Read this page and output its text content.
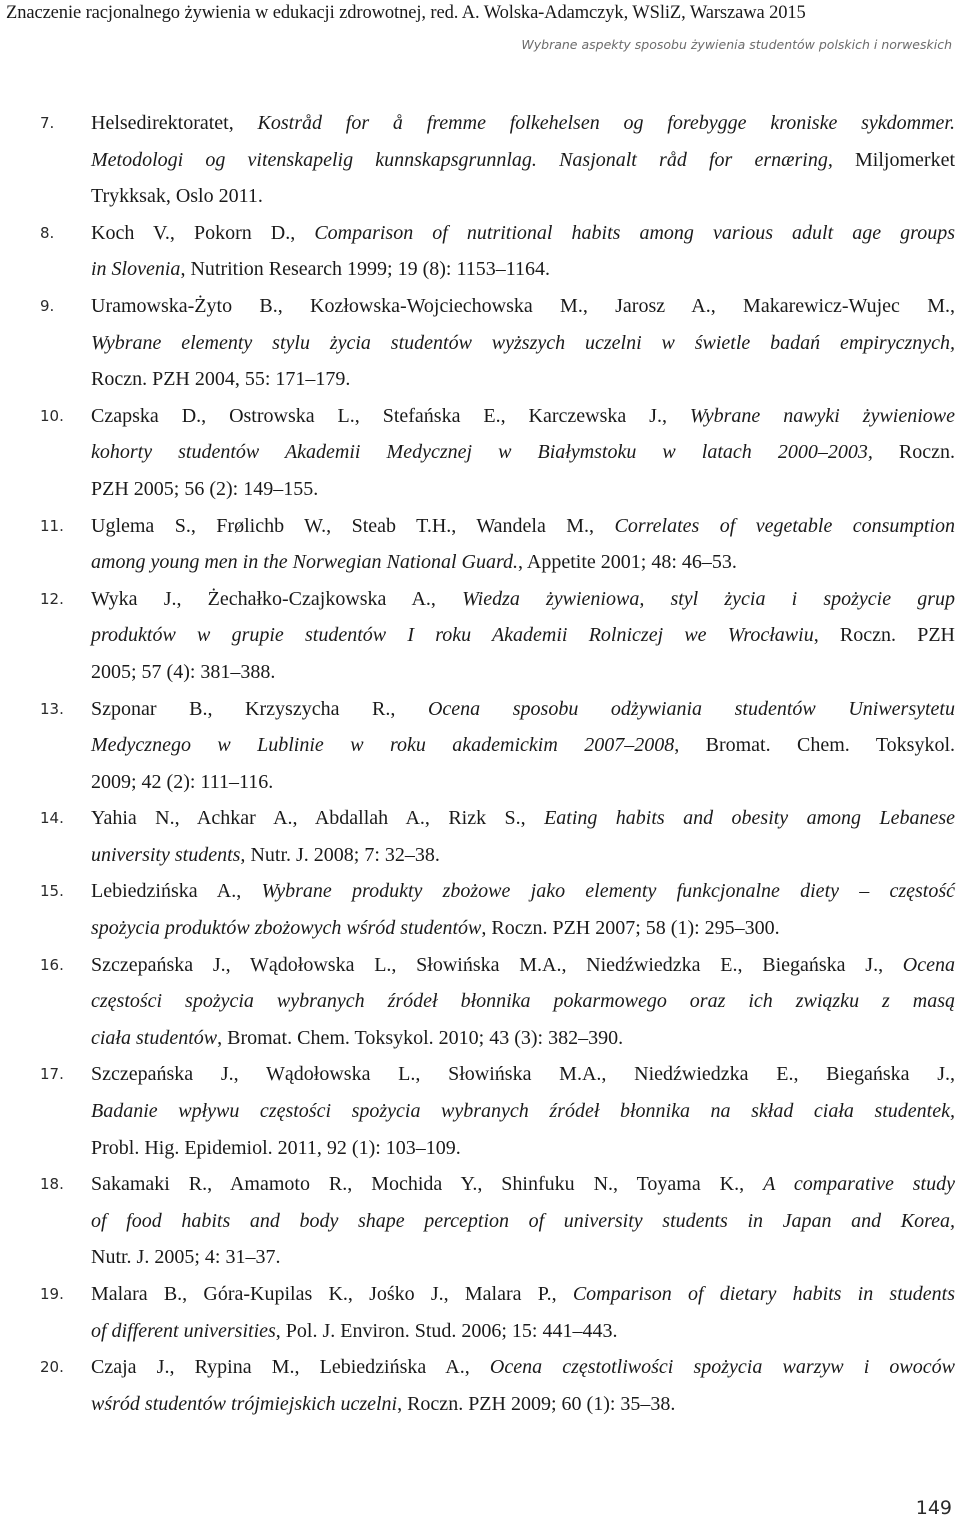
Znaczenie racjonalnego żywienia w edukacji zdrowotnej, red. A. Wolska-Adamczyk, WSliZ, Warszawa 2015

Wybrane aspekty sposobu żywienia studentów polskich i norweskich

7. Helsedirektoratet, Kostråd for å fremme folkehelsen og forebygge kroniske sykdommer.
Metodologi og vitenskapelig kunnskapsgrunnlag. Nasjonalt råd for ernæring, Miljomerket
Trykksak, Oslo 2011.
8. Koch V., Pokorn D., Comparison of nutritional habits among various adult age groups
in Slovenia, Nutrition Research 1999; 19 (8): 1153–1164.
9. Uramowska-Żyto B., Kozłowska-Wojciechowska M., Jarosz A., Makarewicz-Wujec M.,
Wybrane elementy stylu życia studentów wyższych uczelni w świetle badań empirycznych,
Roczn. PZH 2004, 55: 171–179.
10. Czapska D., Ostrowska L., Stefańska E., Karczewska J., Wybrane nawyki żywieniowe
kohorty studentów Akademii Medycznej w Białymstoku w latach 2000–2003, Roczn.
PZH 2005; 56 (2): 149–155.
11. Uglema S., Frølichb W., Steab T.H., Wandela M., Correlates of vegetable consumption
among young men in the Norwegian National Guard., Appetite 2001; 48: 46–53.
12. Wyka J., Żechałko-Czajkowska A., Wiedza żywieniowa, styl życia i spożycie grup
produktów w grupie studentów I roku Akademii Rolniczej we Wrocławiu, Roczn. PZH
2005; 57 (4): 381–388.
13. Szponar B., Krzyszycha R., Ocena sposobu odżywiania studentów Uniwersytetu
Medycznego w Lublinie w roku akademickim 2007–2008, Bromat. Chem. Toksykol.
2009; 42 (2): 111–116.
14. Yahia N., Achkar A., Abdallah A., Rizk S., Eating habits and obesity among Lebanese
university students, Nutr. J. 2008; 7: 32–38.
15. Lebiedzińska A., Wybrane produkty zbożowe jako elementy funkcjonalne diety – częstość
spożycia produktów zbożowych wśród studentów, Roczn. PZH 2007; 58 (1): 295–300.
16. Szczepańska J., Wądołowska L., Słowińska M.A., Niedźwiedzka E., Biegańska J., Ocena
częstości spożycia wybranych źródeł błonnika pokarmowego oraz ich związku z masą
ciała studentów, Bromat. Chem. Toksykol. 2010; 43 (3): 382–390.
17. Szczepańska J., Wądołowska L., Słowińska M.A., Niedźwiedzka E., Biegańska J.,
Badanie wpływu częstości spożycia wybranych źródeł błonnika na skład ciała studentek,
Probl. Hig. Epidemiol. 2011, 92 (1): 103–109.
18. Sakamaki R., Amamoto R., Mochida Y., Shinfuku N., Toyama K., A comparative study
of food habits and body shape perception of university students in Japan and Korea,
Nutr. J. 2005; 4: 31–37.
19. Malara B., Góra-Kupilas K., Jośko J., Malara P., Comparison of dietary habits in students
of different universities, Pol. J. Environ. Stud. 2006; 15: 441–443.
20. Czaja J., Rypina M., Lebiedzińska A., Ocena częstotliwości spożycia warzyw i owoców
wśród studentów trójmiejskich uczelni, Roczn. PZH 2009; 60 (1): 35–38.

149
